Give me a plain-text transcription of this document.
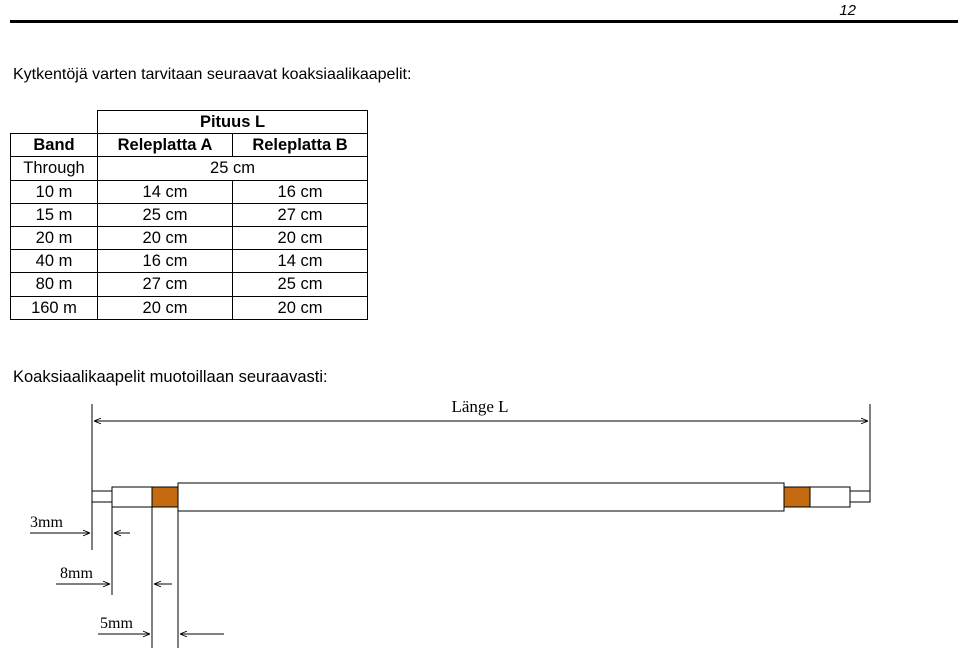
12
Kytkentöjä varten tarvitaan seuraavat koaksiaalikaapelit:
	Pituus L	
Band	Releplatta A	Releplatta B
Through	25 cm	
10 m	14 cm	16 cm
15 m	25 cm	27 cm
20 m	20 cm	20 cm
40 m	16 cm	14 cm
80 m	27 cm	25 cm
160 m	20 cm	20 cm
Koaksiaalikaapelit muotoillaan seuraavasti:
Länge L
3mm
8mm
5mm
